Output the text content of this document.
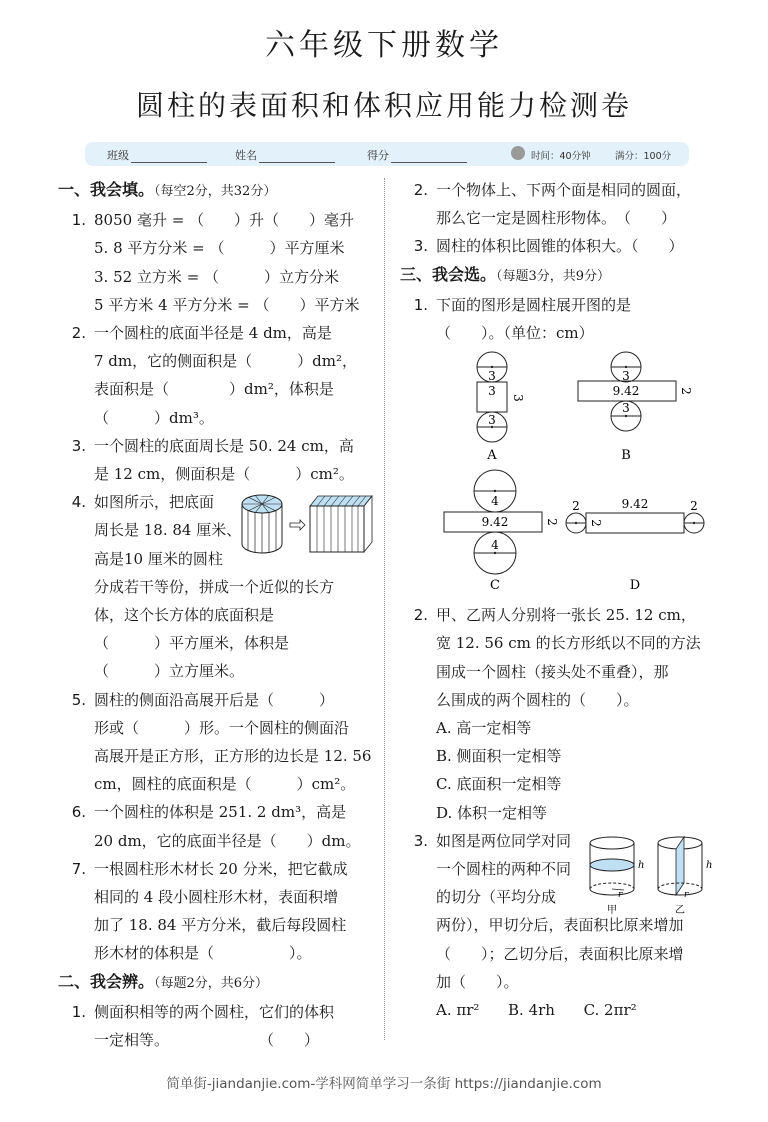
六年级下册数学
圆柱的表面积和体积应用能力检测卷
班级	姓名	得分	时间：40分钟	满分：100分
一、我会填。（每空2分，共32分）
1. 8050 毫升 = （　　）升（　　）毫升
5. 8 平方分米 = （　　　）平方厘米
3. 52 立方米 = （　　　）立方分米
5 平方米 4 平方分米 = （　　）平方米
2. 一个圆柱的底面半径是 4 dm，高是
7 dm，它的侧面积是（　　　）dm²，
表面积是（　　　　）dm²，体积是
（　　　）dm³。
3. 一个圆柱的底面周长是 50. 24 cm，高
是 12 cm，侧面积是（　　　）cm²。
4. 如图所示，把底面
周长是 18. 84 厘米、
高是10 厘米的圆柱
分成若干等份，拼成一个近似的长方
体，这个长方体的底面积是
（　　　）平方厘米，体积是
（　　　）立方厘米。
5. 圆柱的侧面沿高展开后是（　　　）
形或（　　　）形。一个圆柱的侧面沿
高展开是正方形，正方形的边长是 12. 56
cm，圆柱的底面积是（　　　）cm²。
6. 一个圆柱的体积是 251. 2 dm³，高是
20 dm，它的底面半径是（　　）dm。
7. 一根圆柱形木材长 20 分米，把它截成
相同的 4 段小圆柱形木材，表面积增
加了 18. 84 平方分米，截后每段圆柱
形木材的体积是（　　　　　）。
二、我会辨。（每题2分，共6分）
1. 侧面积相等的两个圆柱，它们的体积
一定相等。　　　　　　　（　　）
2. 一个物体上、下两个面是相同的圆面，
那么它一定是圆柱形物体。　（　　）
3. 圆柱的体积比圆锥的体积大。（　　）
三、我会选。（每题3分，共9分）
1. 下面的图形是圆柱展开图的是
（　　）。（单位：cm）
3
3 3
3
A
3
9.42	2
3
B
4
9.42	2
4
C
2	9.42
2
2
D
2. 甲、乙两人分别将一张长 25. 12 cm，
宽 12. 56 cm 的长方形纸以不同的方法
围成一个圆柱（接头处不重叠），那
么围成的两个圆柱的（　　）。
A. 高一定相等
B. 侧面积一定相等
C. 底面积一定相等
D. 体积一定相等
3. 如图是两位同学对同
一个圆柱的两种不同
的切分（平均分成
两份），甲切分后，表面积比原来增加
（　　）；乙切分后，表面积比原来增
加（　　）。
A. πr² B. 4rh C. 2πr²
r
h
甲
r
h
乙
简单街-jiandanjie.com-学科网简单学习一条街 https://jiandanjie.com
